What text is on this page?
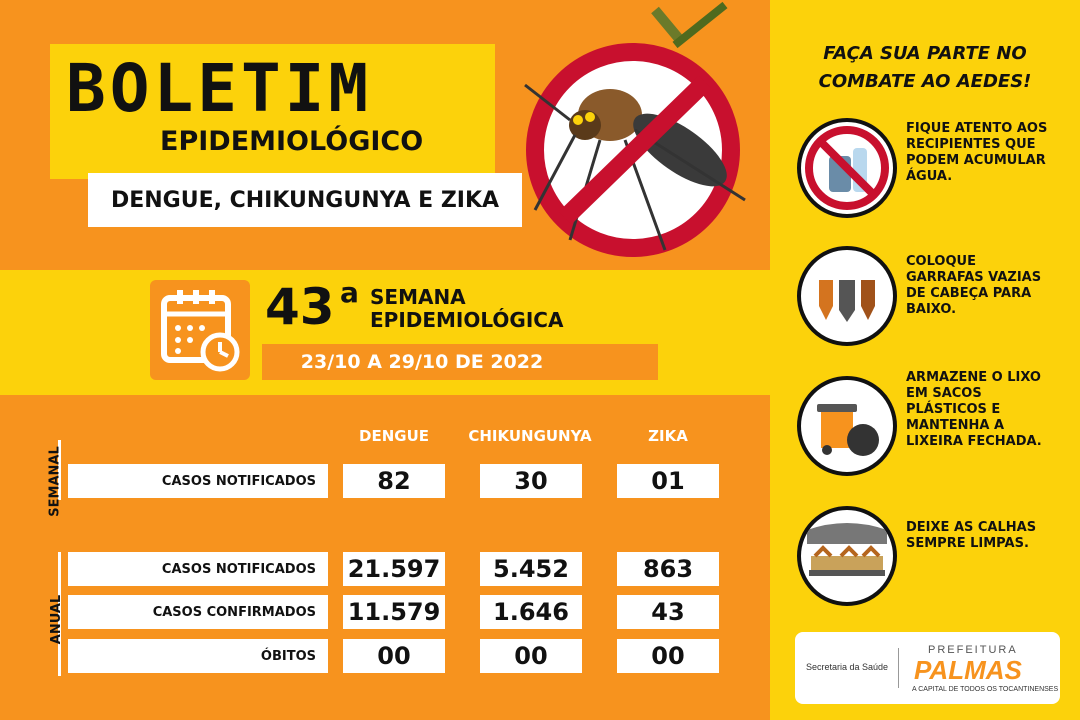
BOLETIM
EPIDEMIOLÓGICO
DENGUE, CHIKUNGUNYA E ZIKA
43 a SEMANA
EPIDEMIOLÓGICA
23/10 A 29/10 DE 2022
DENGUE	CHIKUNGUNYA	ZIKA
SEMANAL	CASOS NOTIFICADOS	82	30	01
ANUAL
CASOS NOTIFICADOS	21.597	5.452	863
CASOS CONFIRMADOS	11.579	1.646	43
ÓBITOS	00	00	00
FAÇA SUA PARTE NO
COMBATE AO AEDES!
FIQUE ATENTO AOS RECIPIENTES QUE PODEM ACUMULAR ÁGUA.
COLOQUE GARRAFAS VAZIAS DE CABEÇA PARA BAIXO.
ARMAZENE O LIXO EM SACOS PLÁSTICOS E MANTENHA A LIXEIRA FECHADA.
DEIXE AS CALHAS SEMPRE LIMPAS.
Secretaria da Saúde
PREFEITURA
PALMAS
A CAPITAL DE TODOS OS TOCANTINENSES
